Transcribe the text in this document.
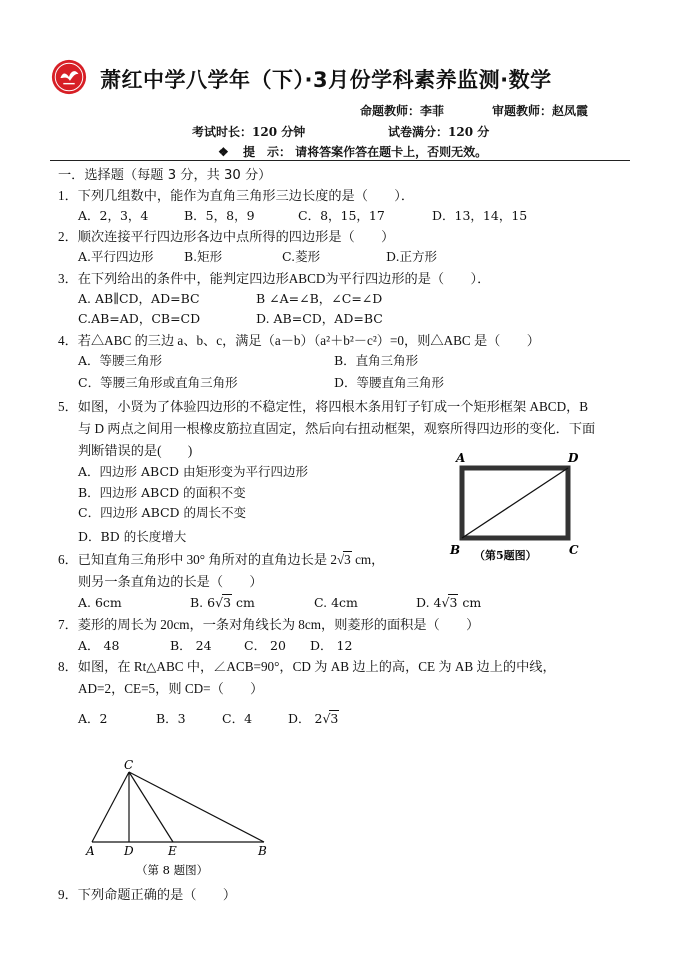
萧红中学八学年（下）·3月份学科素养监测·数学
命题教师：李菲	审题教师：赵凤霞
考试时长：120 分钟	试卷满分：120 分
❖ 提　示： 请将答案作答在题卡上，否则无效。
一．选择题（每题 3 分，共 30 分）
1．下列几组数中，能作为直角三角形三边长度的是（　　）．
A．2，3，4	B．5，8，9	C．8，15，17	D．13，14，15
2．顺次连接平行四边形各边中点所得的四边形是（　　）
A.平行四边形 B.矩形	C.菱形	D.正方形
3．在下列给出的条件中，能判定四边形ABCD为平行四边形的是（　　）．
A. AB∥CD，AD=BC	B ∠A=∠B，∠C=∠D
C.AB=AD，CB=CD	D. AB=CD，AD=BC
4．若△ABC 的三边 a、b、c，满足（a－b）（a²＋b²－c²）=0，则△ABC 是（　　）
A．等腰三角形	B．直角三角形
C．等腰三角形或直角三角形	D．等腰直角三角形
5．如图，小贤为了体验四边形的不稳定性，将四根木条用钉子钉成一个矩形框架 ABCD，B
与 D 两点之间用一根橡皮筋拉直固定，然后向右扭动框架，观察所得四边形的变化．下面
判断错误的是(　　)
A．四边形 ABCD 由矩形变为平行四边形
B．四边形 ABCD 的面积不变
C．四边形 ABCD 的周长不变
D．BD 的长度增大
A	D
B	C
（第5题图）
6．已知直角三角形中 30° 角所对的直角边长是 2√3 cm，
则另一条直角边的长是（　　）
A. 6cm	B. 6√3 cm	C. 4cm	D. 4√3 cm
7．菱形的周长为 20cm，一条对角线长为 8cm，则菱形的面积是（　　）
A． 48	B． 24	C． 20 D． 12
8．如图，在 Rt△ABC 中，∠ACB=90°，CD 为 AB 边上的高，CE 为 AB 边上的中线，
AD=2，CE=5，则 CD=（　　）
A．2	B．3	C．4	D． 2√3
C
A D	E	B
（第 8 题图）
9．下列命题正确的是（　　）
